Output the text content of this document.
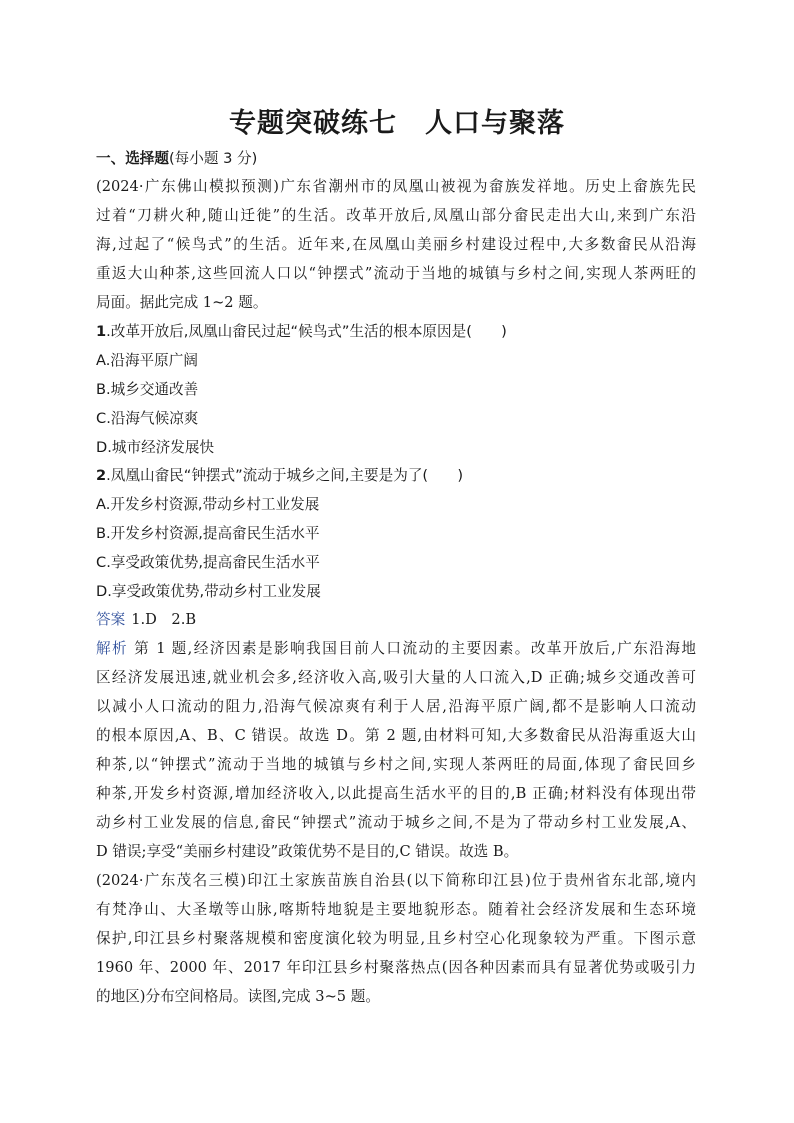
专题突破练七 人口与聚落
一、选择题(每小题 3 分)
(2024·广东佛山模拟预测)广东省潮州市的凤凰山被视为畲族发祥地。历史上畲族先民
过着“刀耕火种,随山迁徙”的生活。改革开放后,凤凰山部分畲民走出大山,来到广东沿
海,过起了“候鸟式”的生活。近年来,在凤凰山美丽乡村建设过程中,大多数畲民从沿海
重返大山种茶,这些回流人口以“钟摆式”流动于当地的城镇与乡村之间,实现人茶两旺的
局面。据此完成 1~2 题。
1.改革开放后,凤凰山畲民过起“候鸟式”生活的根本原因是(　　)
A.沿海平原广阔
B.城乡交通改善
C.沿海气候凉爽
D.城市经济发展快
2.凤凰山畲民“钟摆式”流动于城乡之间,主要是为了(　　)
A.开发乡村资源,带动乡村工业发展
B.开发乡村资源,提高畲民生活水平
C.享受政策优势,提高畲民生活水平
D.享受政策优势,带动乡村工业发展
答案 1.D　2.B
解析 第 1 题,经济因素是影响我国目前人口流动的主要因素。改革开放后,广东沿海地
区经济发展迅速,就业机会多,经济收入高,吸引大量的人口流入,D 正确;城乡交通改善可
以减小人口流动的阻力,沿海气候凉爽有利于人居,沿海平原广阔,都不是影响人口流动
的根本原因,A、B、C 错误。故选 D。第 2 题,由材料可知,大多数畲民从沿海重返大山
种茶,以“钟摆式”流动于当地的城镇与乡村之间,实现人茶两旺的局面,体现了畲民回乡
种茶,开发乡村资源,增加经济收入,以此提高生活水平的目的,B 正确;材料没有体现出带
动乡村工业发展的信息,畲民“钟摆式”流动于城乡之间,不是为了带动乡村工业发展,A、
D 错误;享受“美丽乡村建设”政策优势不是目的,C 错误。故选 B。
(2024·广东茂名三模)印江土家族苗族自治县(以下简称印江县)位于贵州省东北部,境内
有梵净山、大圣墩等山脉,喀斯特地貌是主要地貌形态。随着社会经济发展和生态环境
保护,印江县乡村聚落规模和密度演化较为明显,且乡村空心化现象较为严重。下图示意
1960 年、2000 年、2017 年印江县乡村聚落热点(因各种因素而具有显著优势或吸引力
的地区)分布空间格局。读图,完成 3~5 题。
